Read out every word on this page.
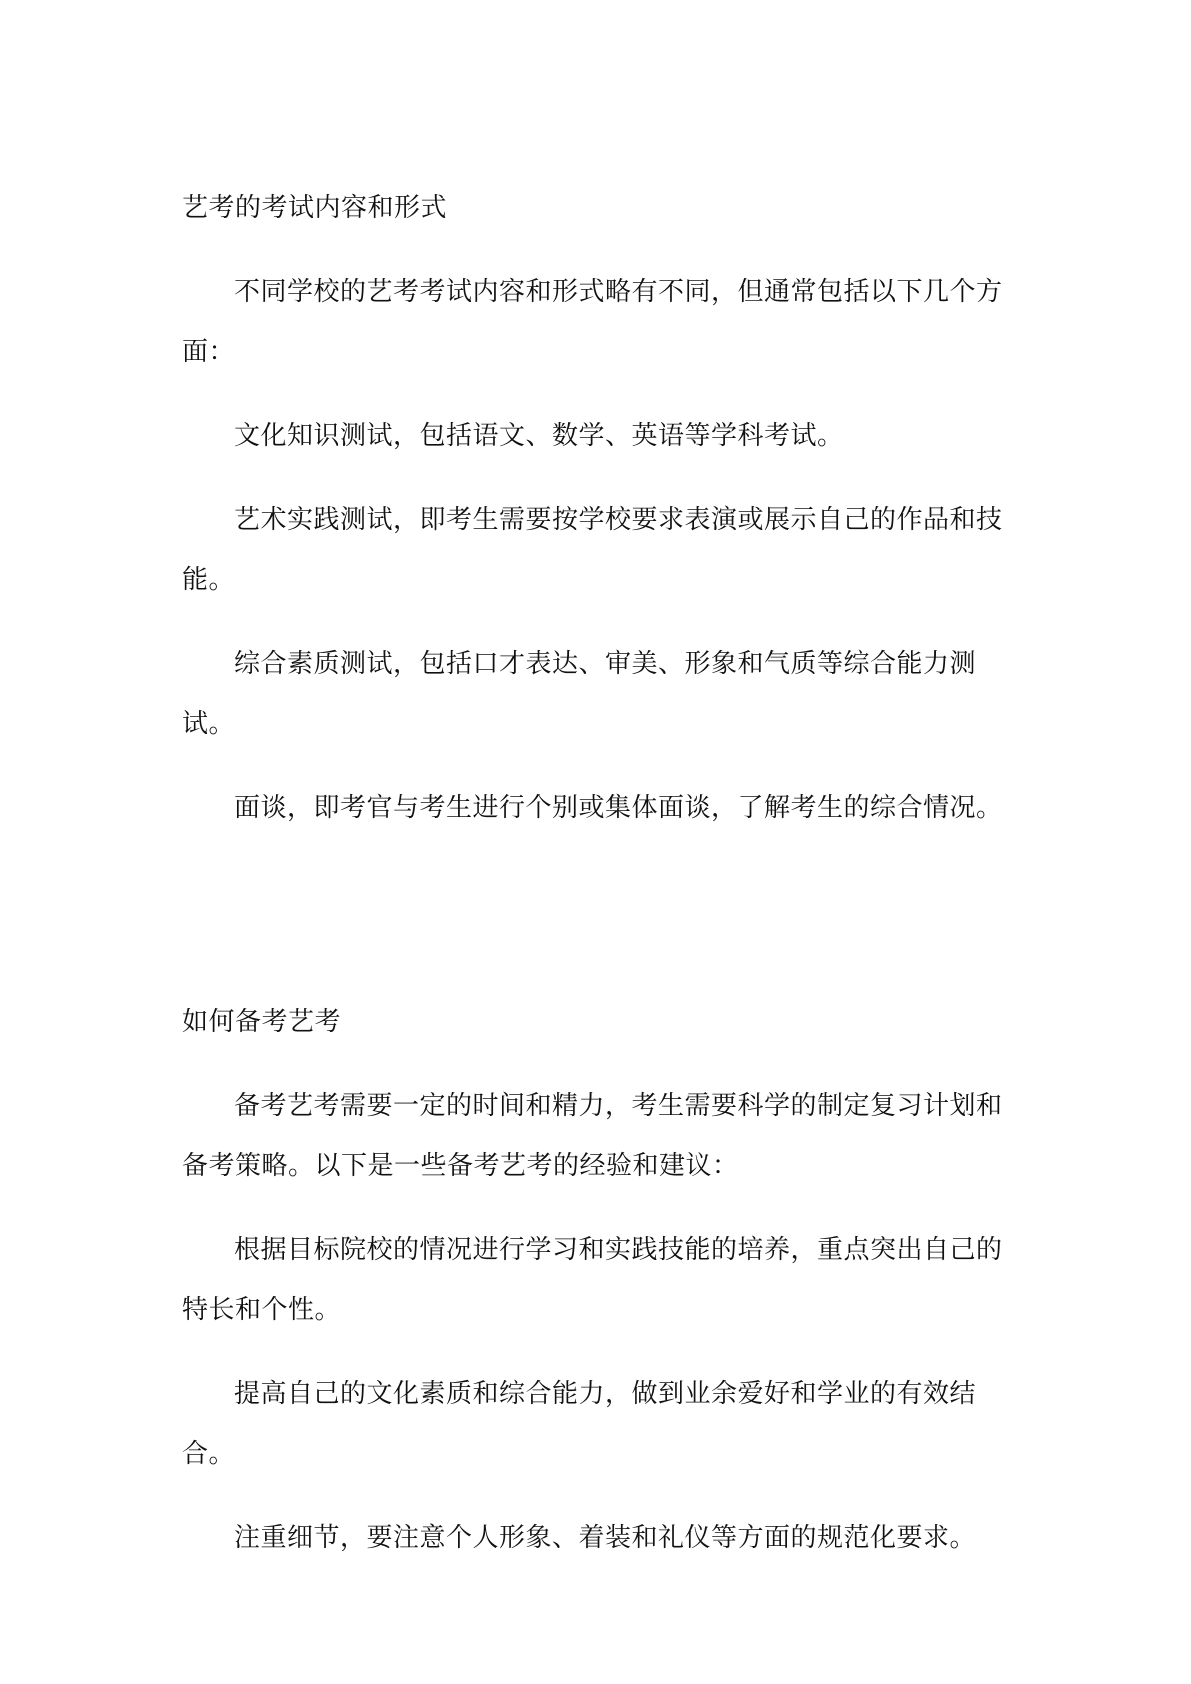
艺考的考试内容和形式

不同学校的艺考考试内容和形式略有不同，但通常包括以下几个方面：

文化知识测试，包括语文、数学、英语等学科考试。

艺术实践测试，即考生需要按学校要求表演或展示自己的作品和技能。

综合素质测试，包括口才表达、审美、形象和气质等综合能力测试。

面谈，即考官与考生进行个别或集体面谈，了解考生的综合情况。

如何备考艺考

备考艺考需要一定的时间和精力，考生需要科学的制定复习计划和备考策略。以下是一些备考艺考的经验和建议：

根据目标院校的情况进行学习和实践技能的培养，重点突出自己的特长和个性。

提高自己的文化素质和综合能力，做到业余爱好和学业的有效结合。

注重细节，要注意个人形象、着装和礼仪等方面的规范化要求。
